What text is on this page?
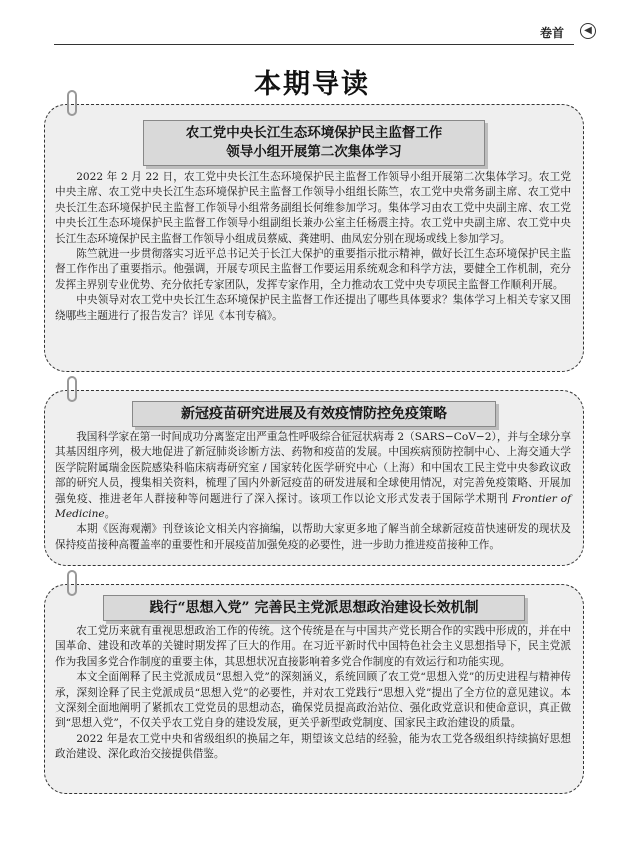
卷首	◀
本期导读
农工党中央长江生态环境保护民主监督工作
领导小组开展第二次集体学习

2022 年 2 月 22 日，农工党中央长江生态环境保护民主监督工作领导小组开展第二次集体学习。农工党中央主席、农工党中央长江生态环境保护民主监督工作领导小组组长陈竺，农工党中央常务副主席、农工党中央长江生态环境保护民主监督工作领导小组常务副组长何维参加学习。集体学习由农工党中央副主席、农工党中央长江生态环境保护民主监督工作领导小组副组长兼办公室主任杨震主持。农工党中央副主席、农工党中央长江生态环境保护民主监督工作领导小组成员蔡威、龚建明、曲凤宏分别在现场或线上参加学习。

陈竺就进一步贯彻落实习近平总书记关于长江大保护的重要指示批示精神，做好长江生态环境保护民主监督工作作出了重要指示。他强调，开展专项民主监督工作要运用系统观念和科学方法，要健全工作机制，充分发挥主界别专业优势、充分依托专家团队，发挥专家作用，全力推动农工党中央专项民主监督工作顺利开展。

中央领导对农工党中央长江生态环境保护民主监督工作还提出了哪些具体要求？集体学习上相关专家又围绕哪些主题进行了报告发言？详见《本刊专稿》。

新冠疫苗研究进展及有效疫情防控免疫策略

我国科学家在第一时间成功分离鉴定出严重急性呼吸综合征冠状病毒 2（SARS−CoV−2），并与全球分享其基因组序列，极大地促进了新冠肺炎诊断方法、药物和疫苗的发展。中国疾病预防控制中心、上海交通大学医学院附属瑞金医院感染科临床病毒研究室 / 国家转化医学研究中心（上海）和中国农工民主党中央参政议政部的研究人员，搜集相关资料，梳理了国内外新冠疫苗的研发进展和全球使用情况，对完善免疫策略、开展加强免疫、推进老年人群接种等问题进行了深入探讨。该项工作以论文形式发表于国际学术期刊 Frontier of Medicine。

本期《医海观潮》刊登该论文相关内容摘编，以帮助大家更多地了解当前全球新冠疫苗快速研发的现状及保持疫苗接种高覆盖率的重要性和开展疫苗加强免疫的必要性，进一步助力推进疫苗接种工作。

践行“思想入党” 完善民主党派思想政治建设长效机制

农工党历来就有重视思想政治工作的传统。这个传统是在与中国共产党长期合作的实践中形成的，并在中国革命、建设和改革的关键时期发挥了巨大的作用。在习近平新时代中国特色社会主义思想指导下，民主党派作为我国多党合作制度的重要主体，其思想状况直接影响着多党合作制度的有效运行和功能实现。

本文全面阐释了民主党派成员“思想入党”的深刻涵义，系统回顾了农工党“思想入党”的历史进程与精神传承，深刻诠释了民主党派成员“思想入党”的必要性，并对农工党践行“思想入党”提出了全方位的意见建议。本文深刻全面地阐明了紧抓农工党党员的思想动态，确保党员提高政治站位、强化政党意识和使命意识，真正做到“思想入党”，不仅关乎农工党自身的建设发展，更关乎新型政党制度、国家民主政治建设的质量。

2022 年是农工党中央和省级组织的换届之年，期望该文总结的经验，能为农工党各级组织持续搞好思想政治建设、深化政治交接提供借鉴。
